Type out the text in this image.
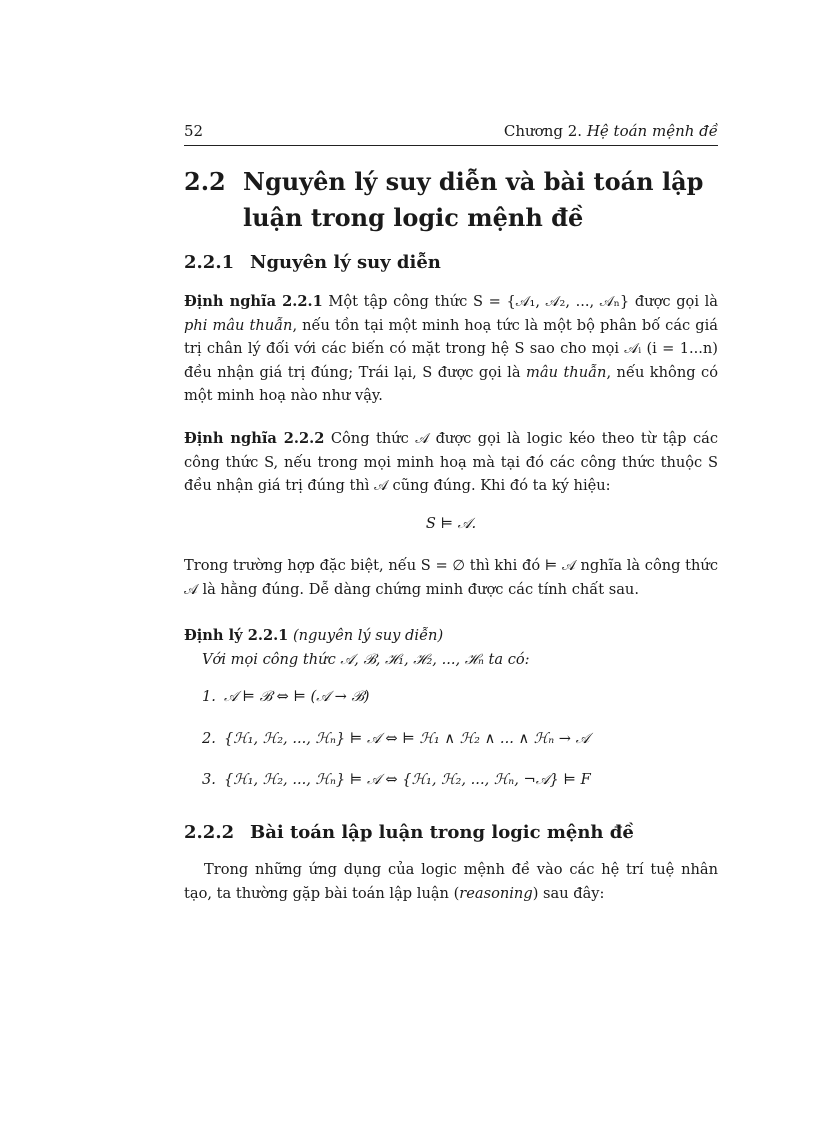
52	Chương 2. Hệ toán mệnh đề
2.2 Nguyên lý suy diễn và bài toán lập luận trong logic mệnh đề
2.2.1 Nguyên lý suy diễn
Định nghĩa 2.2.1 Một tập công thức S = {𝒜₁, 𝒜₂, ..., 𝒜ₙ} được gọi là phi mâu thuẫn, nếu tồn tại một minh hoạ tức là một bộ phân bố các giá trị chân lý đối với các biến có mặt trong hệ S sao cho mọi 𝒜ᵢ (i = 1...n) đều nhận giá trị đúng; Trái lại, S được gọi là mâu thuẫn, nếu không có một minh hoạ nào như vậy.
Định nghĩa 2.2.2 Công thức 𝒜 được gọi là logic kéo theo từ tập các công thức S, nếu trong mọi minh hoạ mà tại đó các công thức thuộc S đều nhận giá trị đúng thì 𝒜 cũng đúng. Khi đó ta ký hiệu:
S ⊨ 𝒜.
Trong trường hợp đặc biệt, nếu S = ∅ thì khi đó ⊨ 𝒜 nghĩa là công thức 𝒜 là hằng đúng. Dễ dàng chứng minh được các tính chất sau.
Định lý 2.2.1 (nguyên lý suy diễn)
Với mọi công thức 𝒜, ℬ, ℋ₁, ℋ₂, ..., ℋₙ ta có:
1. 𝒜 ⊨ ℬ ⇔ ⊨ (𝒜 → ℬ)
2. {ℋ₁, ℋ₂, ..., ℋₙ} ⊨ 𝒜 ⇔ ⊨ ℋ₁ ∧ ℋ₂ ∧ ... ∧ ℋₙ → 𝒜
3. {ℋ₁, ℋ₂, ..., ℋₙ} ⊨ 𝒜 ⇔ {ℋ₁, ℋ₂, ..., ℋₙ, ¬𝒜} ⊨ F
2.2.2 Bài toán lập luận trong logic mệnh đề
Trong những ứng dụng của logic mệnh đề vào các hệ trí tuệ nhân tạo, ta thường gặp bài toán lập luận (reasoning) sau đây:
